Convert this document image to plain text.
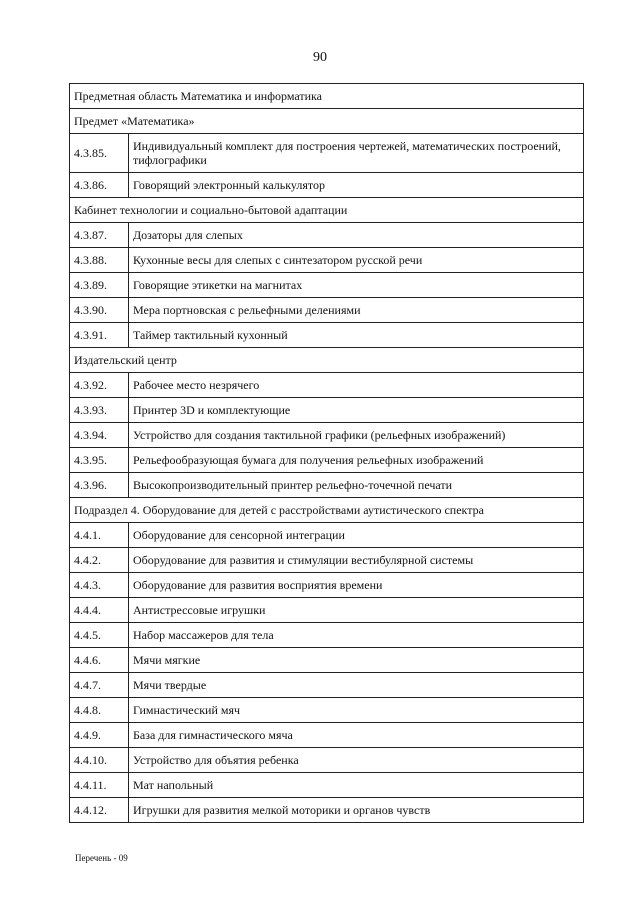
90
Предметная область Математика и информатика	
Предмет «Математика»	
4.3.85.	Индивидуальный комплект для построения чертежей, математических построений, тифлографики
4.3.86.	Говорящий электронный калькулятор
Кабинет технологии и социально-бытовой адаптации	
4.3.87.	Дозаторы для слепых
4.3.88.	Кухонные весы для слепых с синтезатором русской речи
4.3.89.	Говорящие этикетки на магнитах
4.3.90.	Мера портновская с рельефными делениями
4.3.91.	Таймер тактильный кухонный
Издательский центр	
4.3.92.	Рабочее место незрячего
4.3.93.	Принтер 3D и комплектующие
4.3.94.	Устройство для создания тактильной графики (рельефных изображений)
4.3.95.	Рельефообразующая бумага для получения рельефных изображений
4.3.96.	Высокопроизводительный принтер рельефно-точечной печати
Подраздел 4. Оборудование для детей с расстройствами аутистического спектра	
4.4.1.	Оборудование для сенсорной интеграции
4.4.2.	Оборудование для развития и стимуляции вестибулярной системы
4.4.3.	Оборудование для развития восприятия времени
4.4.4.	Антистрессовые игрушки
4.4.5.	Набор массажеров для тела
4.4.6.	Мячи мягкие
4.4.7.	Мячи твердые
4.4.8.	Гимнастический мяч
4.4.9.	База для гимнастического мяча
4.4.10.	Устройство для объятия ребенка
4.4.11.	Мат напольный
4.4.12.	Игрушки для развития мелкой моторики и органов чувств
Перечень - 09
